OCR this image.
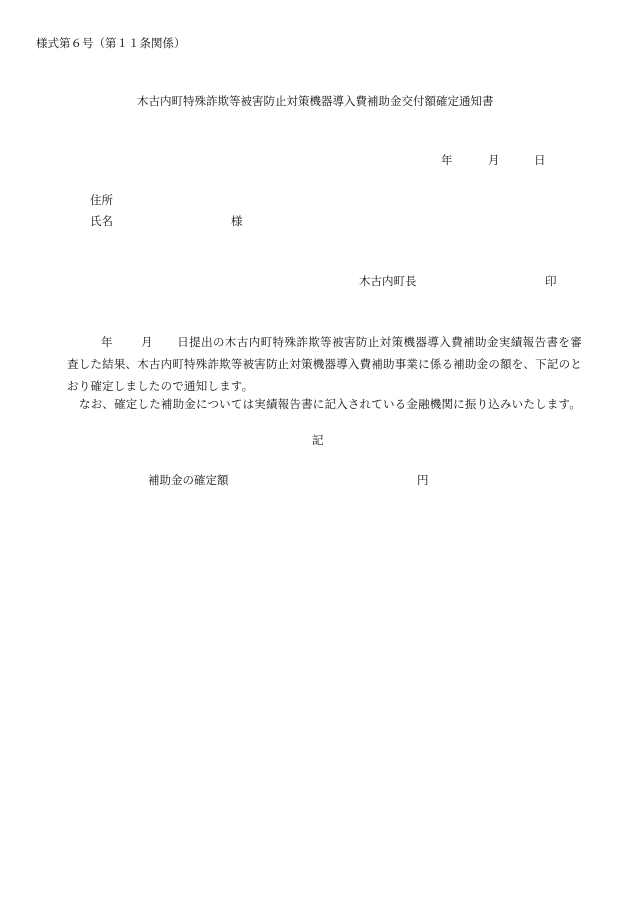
様式第６号（第１１条関係）
木古内町特殊詐欺等被害防止対策機器導入費補助金交付額確定通知書
年	月	日
住所
氏名	様
木古内町長	印
年 月 日提出の木古内町特殊詐欺等被害防止対策機器導入費補助金実績報告書を審査した結果、木古内町特殊詐欺等被害防止対策機器導入費補助事業に係る補助金の額を、下記のとおり確定しましたので通知します。
なお、確定した補助金については実績報告書に記入されている金融機関に振り込みいたします。
記
補助金の確定額	円
